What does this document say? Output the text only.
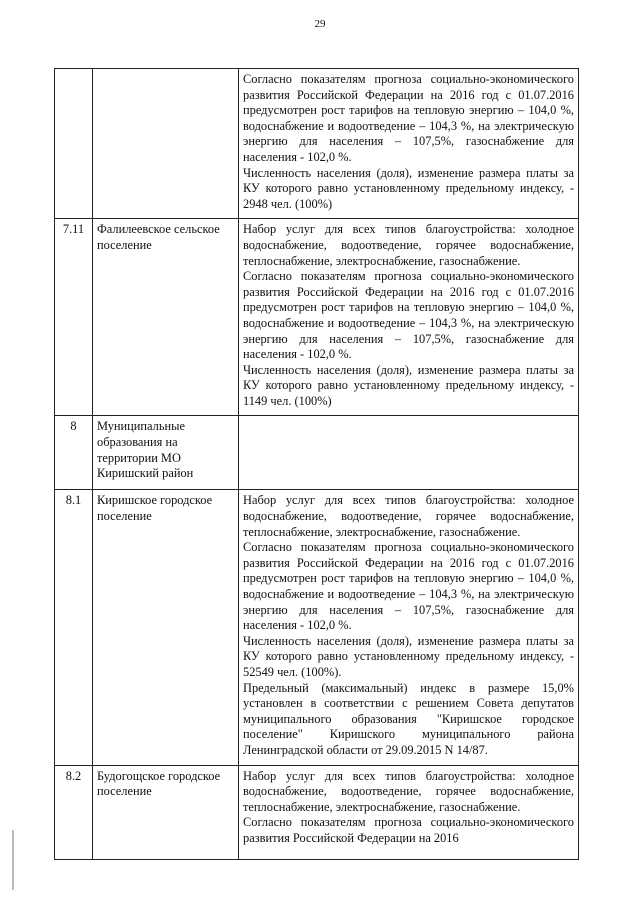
29

		Согласно показателям прогноза социально-экономического развития Российской Федерации на 2016 год с 01.07.2016 предусмотрен рост тарифов на тепловую энергию – 104,0 %, водоснабжение и водоотведение – 104,3 %, на электрическую энергию для населения – 107,5%, газоснабжение для населения - 102,0 %.

Численность населения (доля), изменение размера платы за КУ которого равно установленному предельному индексу, - 2948 чел. (100%)

7.11	Фалилеевское сельское поселение	Набор услуг для всех типов благоустройства: холодное водоснабжение, водоотведение, горячее водоснабжение, теплоснабжение, электроснабжение, газоснабжение.

Согласно показателям прогноза социально-экономического развития Российской Федерации на 2016 год с 01.07.2016 предусмотрен рост тарифов на тепловую энергию – 104,0 %, водоснабжение и водоотведение – 104,3 %, на электрическую энергию для населения – 107,5%, газоснабжение для населения - 102,0 %.

Численность населения (доля), изменение размера платы за КУ которого равно установленному предельному индексу, - 1149 чел. (100%)

8	Муниципальные образования на территории МО Киришский район	
8.1	Киришское городское поселение	Набор услуг для всех типов благоустройства: холодное водоснабжение, водоотведение, горячее водоснабжение, теплоснабжение, электроснабжение, газоснабжение.

Согласно показателям прогноза социально-экономического развития Российской Федерации на 2016 год с 01.07.2016 предусмотрен рост тарифов на тепловую энергию – 104,0 %, водоснабжение и водоотведение – 104,3 %, на электрическую энергию для населения – 107,5%, газоснабжение для населения - 102,0 %.

Численность населения (доля), изменение размера платы за КУ которого равно установленному предельному индексу, - 52549 чел. (100%).

Предельный (максимальный) индекс в размере 15,0% установлен в соответствии с решением Совета депутатов муниципального образования "Киришское городское поселение" Киришского муниципального района Ленинградской области от 29.09.2015 N 14/87.

8.2	Будогощское городское поселение	Набор услуг для всех типов благоустройства: холодное водоснабжение, водоотведение, горячее водоснабжение, теплоснабжение, электроснабжение, газоснабжение.

Согласно показателям прогноза социально-экономического развития Российской Федерации на 2016
